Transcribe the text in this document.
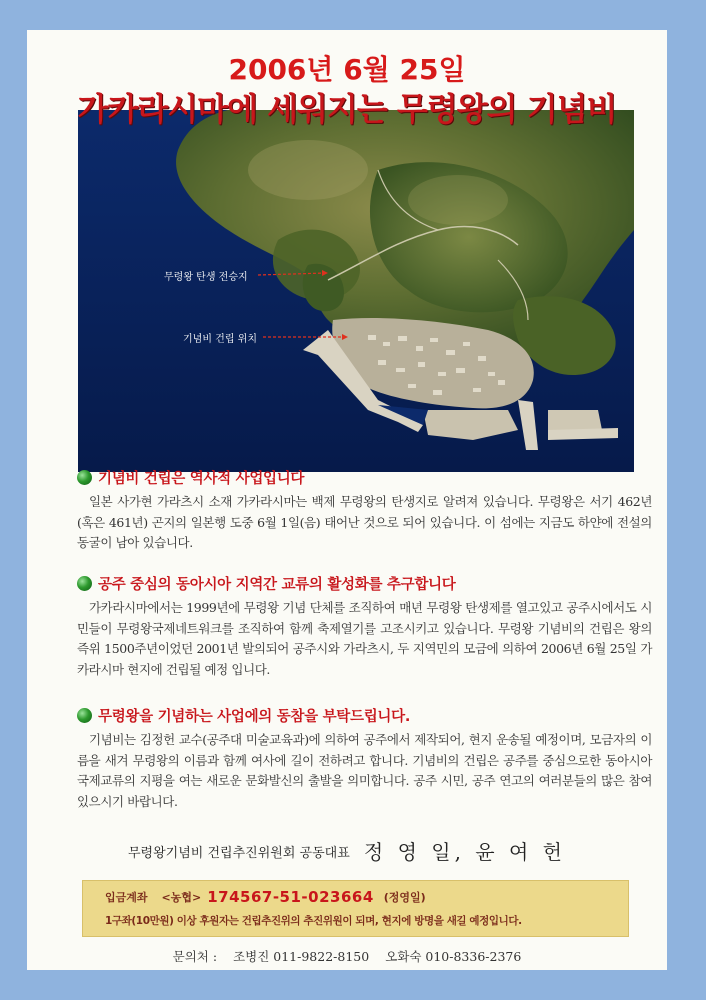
2006년 6월 25일
무령왕 탄생 전승지
기념비 건립 위치
가카라시마에 세워지는 무령왕의 기념비
기념비 건립은 역사적 사업입니다

일본 사가현 가라츠시 소재 가카라시마는 백제 무령왕의 탄생지로 알려져 있습니다. 무령왕은 서기 462년(혹은 461년) 곤지의 일본행 도중 6월 1일(음) 태어난 것으로 되어 있습니다. 이 섬에는 지금도 하얀에 전설의 동굴이 남아 있습니다.

공주 중심의 동아시아 지역간 교류의 활성화를 추구합니다

가카라시마에서는 1999년에 무령왕 기념 단체를 조직하여 매년 무령왕 탄생제를 열고있고 공주시에서도 시민들이 무령왕국제네트워크를 조직하여 함께 축제열기를 고조시키고 있습니다. 무령왕 기념비의 건립은 왕의 즉위 1500주년이었던 2001년 발의되어 공주시와 가라츠시, 두 지역민의 모금에 의하여 2006년 6월 25일 가카라시마 현지에 건립될 예정 입니다.

무령왕을 기념하는 사업에의 동참을 부탁드립니다.

기념비는 김정헌 교수(공주대 미술교육과)에 의하여 공주에서 제작되어, 현지 운송될 예정이며, 모금자의 이름을 새겨 무령왕의 이름과 함께 여사에 길이 전하려고 합니다. 기념비의 건립은 공주를 중심으로한 동아시아 국제교류의 지평을 여는 새로운 문화발신의 출발을 의미합니다. 공주 시민, 공주 연고의 여러분들의 많은 참여 있으시기 바랍니다.

무령왕기념비 건립추진위원회 공동대표 정 영 일, 윤 여 헌
입금계좌 <농협> 174567-51-023664 (정영일)
1구좌(10만원) 이상 후원자는 건립추진위의 추진위원이 되며, 현지에 방명을 새길 예정입니다.
문의처 : 조병진 011-9822-8150 오화숙 010-8336-2376
